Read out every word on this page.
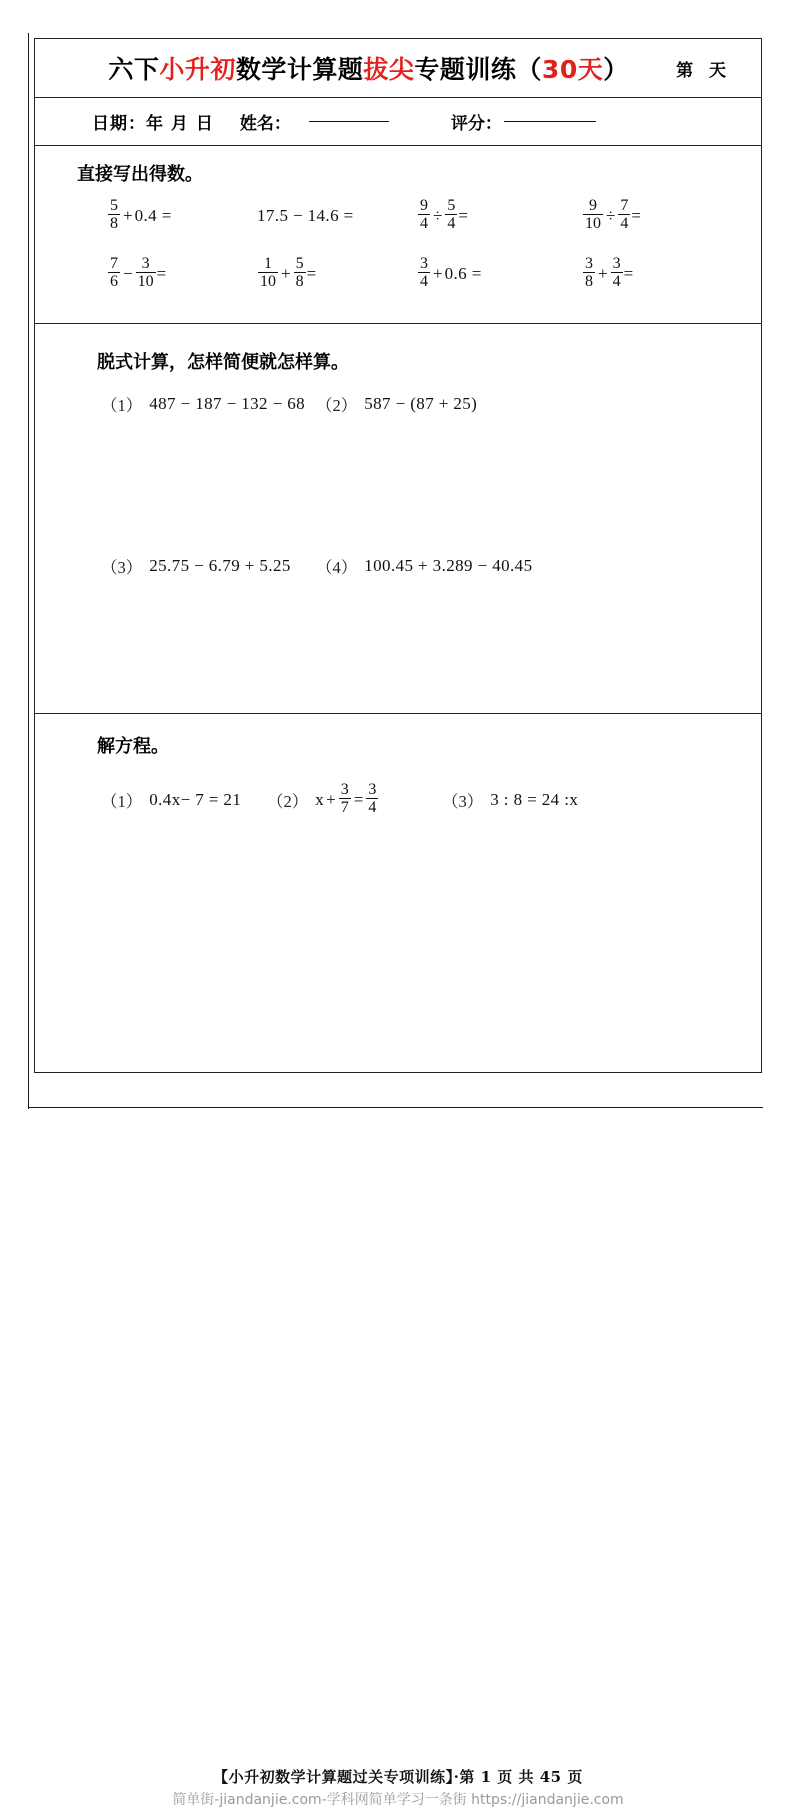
六下小升初数学计算题拔尖专题训练（30天）	第 天
日期：年 月 日 姓名：	评分：
直接写出得数。
$\frac{5}{8} + 0.4$ =	17.5 − 14.6 =	$\frac{9}{4} \div \frac{5}{4}$ =	$\frac{9}{10} \div \frac{7}{4}$ =
$\frac{7}{6} - \frac{3}{10}$ =	$\frac{1}{10} + \frac{5}{8}$ =	$\frac{3}{4} + 0.6$ =	$\frac{3}{8} + \frac{3}{4}$ =
脱式计算，怎样简便就怎样算。
（1） 487 − 187 − 132 − 68 （2） 587 − (87 + 25)
（3） 25.75 − 6.79 + 5.25 （4） 100.45 + 3.289 − 40.45
解方程。
（1） 0.4 x − 7 = 21 （2） $x + \frac{3}{7} = \frac{3}{4}$	（3） 3 : 8 = 24 : x
【小升初数学计算题过关专项训练】·第 1 页 共 45 页
简单街-jiandanjie.com-学科网简单学习一条街 https://jiandanjie.com
